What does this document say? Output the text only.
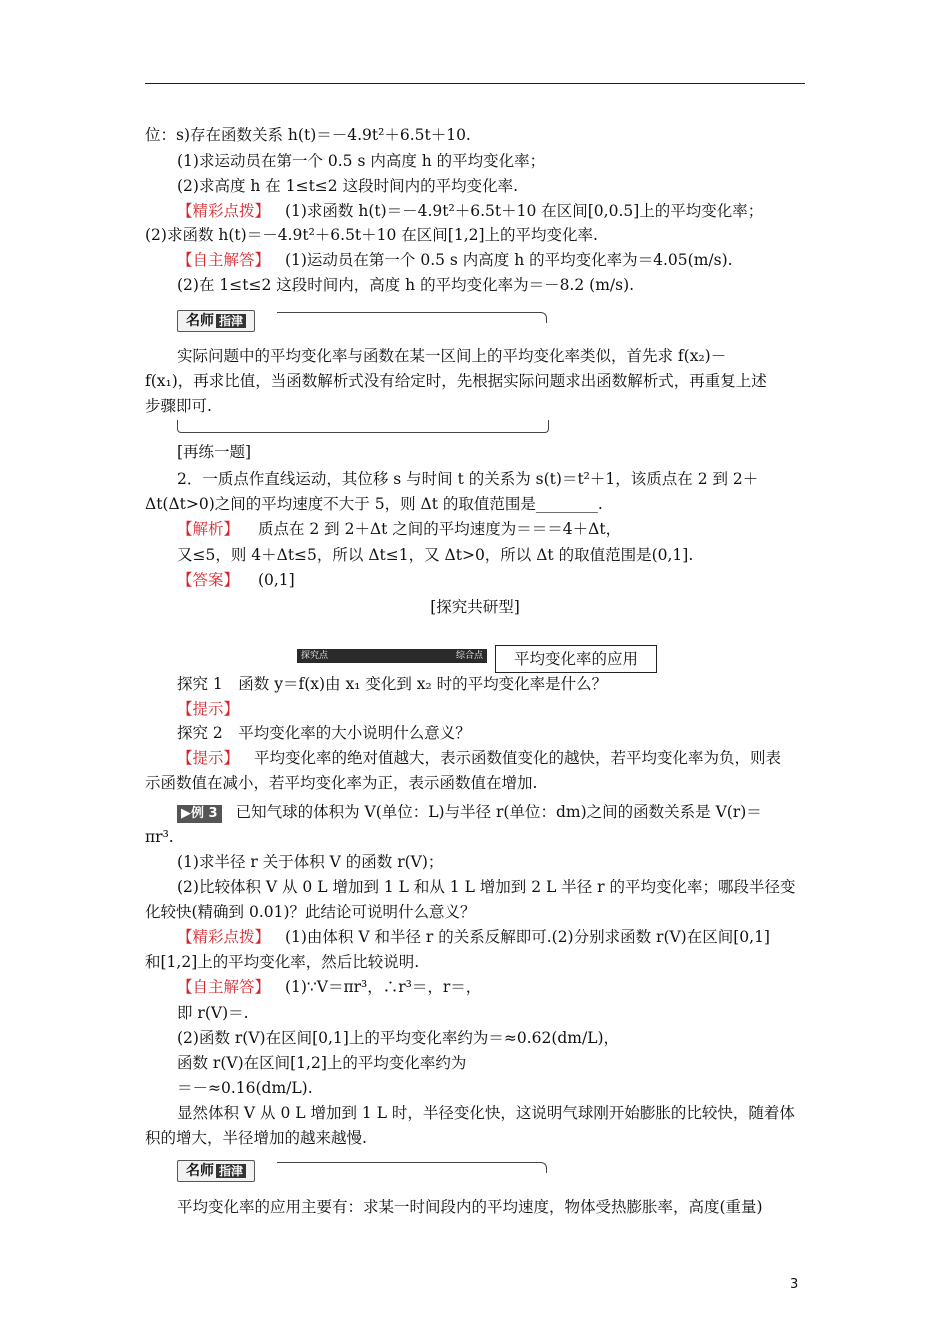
位：s)存在函数关系 h(t)＝－4.9t²＋6.5t＋10.
(1)求运动员在第一个 0.5 s 内高度 h 的平均变化率；
(2)求高度 h 在 1≤t≤2 这段时间内的平均变化率.
【精彩点拨】 (1)求函数 h(t)＝－4.9t²＋6.5t＋10 在区间[0,0.5]上的平均变化率；
(2)求函数 h(t)＝－4.9t²＋6.5t＋10 在区间[1,2]上的平均变化率.
【自主解答】 (1)运动员在第一个 0.5 s 内高度 h 的平均变化率为＝4.05(m/s).
(2)在 1≤t≤2 这段时间内，高度 h 的平均变化率为＝－8.2 (m/s).
名师 指津
实际问题中的平均变化率与函数在某一区间上的平均变化率类似，首先求 f(x₂)－
f(x₁)，再求比值，当函数解析式没有给定时，先根据实际问题求出函数解析式，再重复上述
步骤即可.
[再练一题]
2．一质点作直线运动，其位移 s 与时间 t 的关系为 s(t)＝t²＋1，该质点在 2 到 2＋
Δt(Δt>0)之间的平均速度不大于 5，则 Δt 的取值范围是________.
【解析】 质点在 2 到 2＋Δt 之间的平均速度为＝＝＝4＋Δt，
又≤5，则 4＋Δt≤5，所以 Δt≤1，又 Δt>0，所以 Δt 的取值范围是(0,1].
【答案】 (0,1]
[探究共研型]
探究点	综合点	平均变化率的应用
探究 1　函数 y＝f(x)由 x₁ 变化到 x₂ 时的平均变化率是什么？
【提示】
探究 2　平均变化率的大小说明什么意义？
【提示】 平均变化率的绝对值越大，表示函数值变化的越快，若平均变化率为负，则表
示函数值在减小，若平均变化率为正，表示函数值在增加.
▶例 3 已知气球的体积为 V(单位：L)与半径 r(单位：dm)之间的函数关系是 V(r)＝
πr³.
(1)求半径 r 关于体积 V 的函数 r(V)；
(2)比较体积 V 从 0 L 增加到 1 L 和从 1 L 增加到 2 L 半径 r 的平均变化率；哪段半径变
化较快(精确到 0.01)？此结论可说明什么意义？
【精彩点拨】 (1)由体积 V 和半径 r 的关系反解即可.(2)分别求函数 r(V)在区间[0,1]
和[1,2]上的平均变化率，然后比较说明.
【自主解答】 (1)∵V＝πr³，∴r³＝，r＝，
即 r(V)＝.
(2)函数 r(V)在区间[0,1]上的平均变化率约为＝≈0.62(dm/L)，
函数 r(V)在区间[1,2]上的平均变化率约为
＝－≈0.16(dm/L).
显然体积 V 从 0 L 增加到 1 L 时，半径变化快，这说明气球刚开始膨胀的比较快，随着体
积的增大，半径增加的越来越慢.
名师 指津
平均变化率的应用主要有：求某一时间段内的平均速度，物体受热膨胀率，高度(重量)
3
